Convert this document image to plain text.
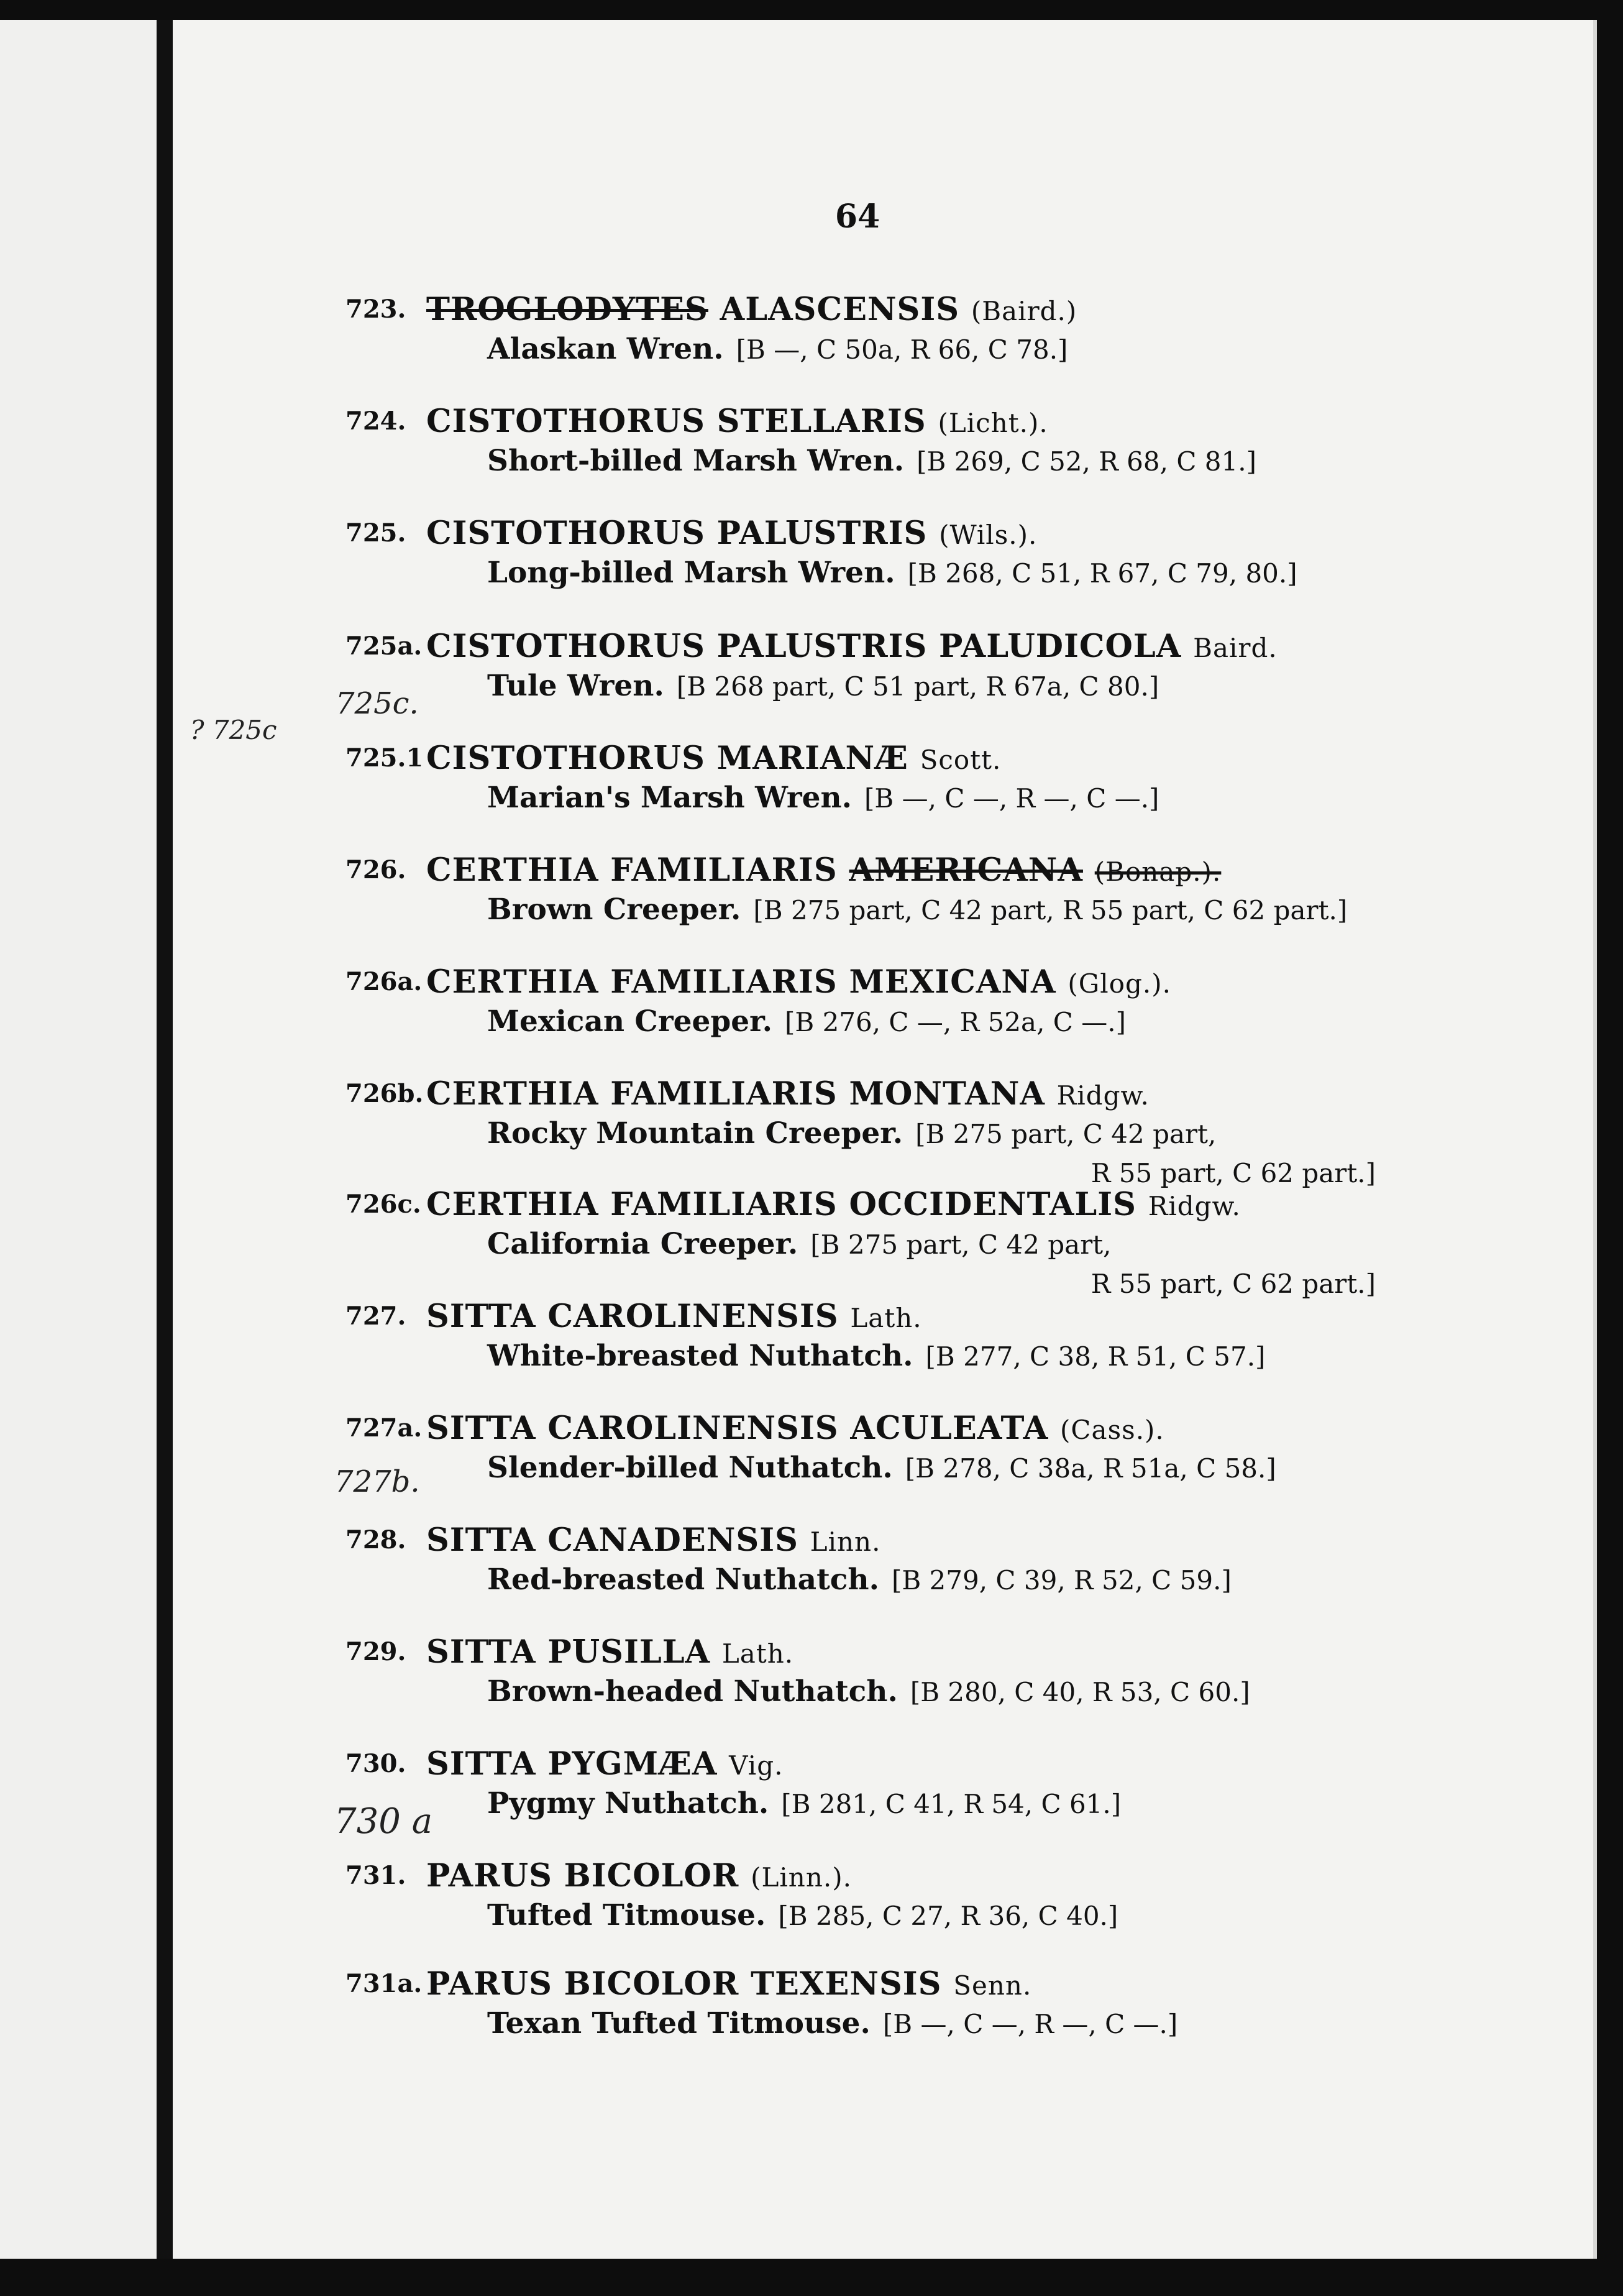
64
723. TROGLODYTES ALASCENSIS (Baird.)
Alaskan Wren. [B —, C 50a, R 66, C 78.]
724. CISTOTHORUS STELLARIS (Licht.).
Short-billed Marsh Wren. [B 269, C 52, R 68, C 81.]
725. CISTOTHORUS PALUSTRIS (Wils.).
Long-billed Marsh Wren. [B 268, C 51, R 67, C 79, 80.]
725a. CISTOTHORUS PALUSTRIS PALUDICOLA Baird.
Tule Wren. [B 268 part, C 51 part, R 67a, C 80.]
725.1 CISTOTHORUS MARIANÆ Scott.
Marian's Marsh Wren. [B —, C —, R —, C —.]
726. CERTHIA FAMILIARIS AMERICANA (Bonap.).
Brown Creeper. [B 275 part, C 42 part, R 55 part, C 62 part.]
726a. CERTHIA FAMILIARIS MEXICANA (Glog.).
Mexican Creeper. [B 276, C —, R 52a, C —.]
726b. CERTHIA FAMILIARIS MONTANA Ridgw.
Rocky Mountain Creeper. [B 275 part, C 42 part,
R 55 part, C 62 part.]
726c. CERTHIA FAMILIARIS OCCIDENTALIS Ridgw.
California Creeper. [B 275 part, C 42 part,
R 55 part, C 62 part.]
727. SITTA CAROLINENSIS Lath.
White-breasted Nuthatch. [B 277, C 38, R 51, C 57.]
727a. SITTA CAROLINENSIS ACULEATA (Cass.).
Slender-billed Nuthatch. [B 278, C 38a, R 51a, C 58.]
728. SITTA CANADENSIS Linn.
Red-breasted Nuthatch. [B 279, C 39, R 52, C 59.]
729. SITTA PUSILLA Lath.
Brown-headed Nuthatch. [B 280, C 40, R 53, C 60.]
730. SITTA PYGMÆA Vig.
Pygmy Nuthatch. [B 281, C 41, R 54, C 61.]
731. PARUS BICOLOR (Linn.).
Tufted Titmouse. [B 285, C 27, R 36, C 40.]
731a. PARUS BICOLOR TEXENSIS Senn.
Texan Tufted Titmouse. [B —, C —, R —, C —.]
725c.
? 725c
727b.
730 a
